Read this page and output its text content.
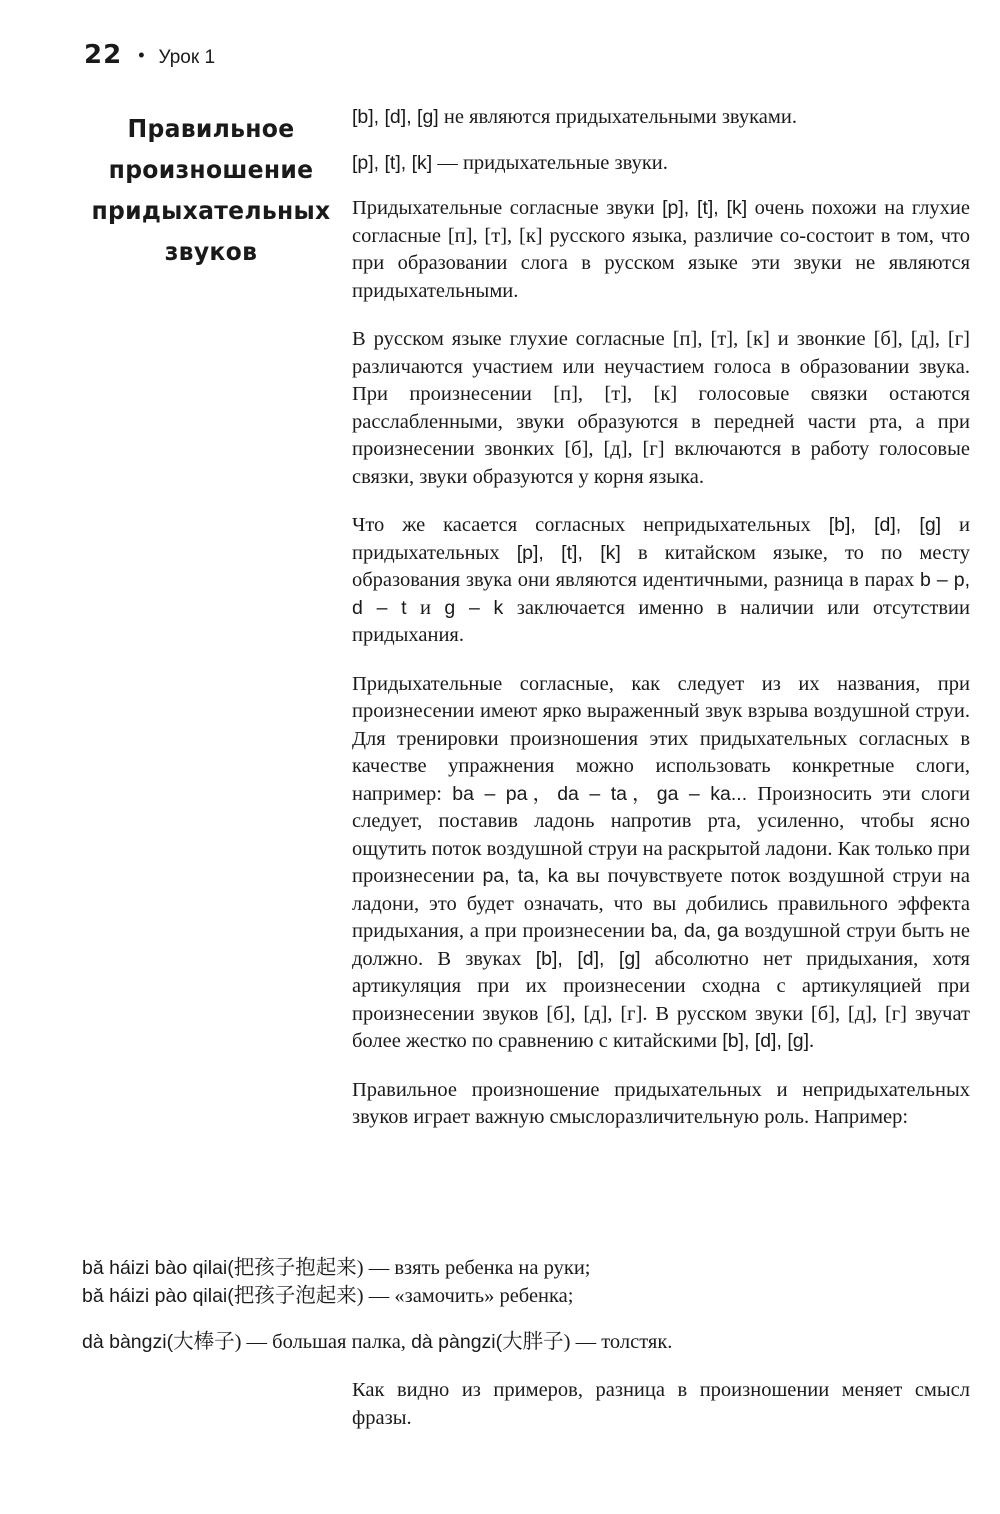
22 • Урок 1
Правильное
произношение
придыхательных
звуков

[b], [d], [g] не являются придыхательными звуками.

[p], [t], [k] — придыхательные звуки.

Придыхательные согласные звуки [p], [t], [k] очень похожи на глухие согласные [п], [т], [к] русского языка, различие со-состоит в том, что при образовании слога в русском языке эти звуки не являются придыхательными.

В русском языке глухие согласные [п], [т], [к] и звонкие [б], [д], [г] различаются участием или неучастием голоса в образовании звука. При произнесении [п], [т], [к] голосовые связки остаются расслабленными, звуки образуются в передней части рта, а при произнесении звонких [б], [д], [г] включаются в работу голосовые связки, звуки образуются у корня языка.

Что же касается согласных непридыхательных [b], [d], [g] и придыхательных [p], [t], [k] в китайском языке, то по месту образования звука они являются идентичными, разница в парах b – p, d – t и g – k заключается именно в наличии или отсутствии придыхания.

Придыхательные согласные, как следует из их названия, при произнесении имеют ярко выраженный звук взрыва воздушной струи. Для тренировки произношения этих придыхательных согласных в качестве упражнения можно использовать конкретные слоги, например: ba – pa，da – ta，ga – ka... Произносить эти слоги следует, поставив ладонь напротив рта, усиленно, чтобы ясно ощутить поток воздушной струи на раскрытой ладони. Как только при произнесении pa, ta, ka вы почувствуете поток воздушной струи на ладони, это будет означать, что вы добились правильного эффекта придыхания, а при произнесении ba, da, ga воздушной струи быть не должно. В звуках [b], [d], [g] абсолютно нет придыхания, хотя артикуляция при их произнесении сходна с артикуляцией при произнесении звуков [б], [д], [г]. В русском звуки [б], [д], [г] звучат более жестко по сравнению с китайскими [b], [d], [g].

Правильное произношение придыхательных и непридыхательных звуков играет важную смыслоразличительную роль. Например:

bǎ háizi bào qilai(把孩子抱起来) — взять ребенка на руки;
bǎ háizi pào qilai(把孩子泡起来) — «замочить» ребенка;
dà bàngzi(大棒子) — большая палка, dà pàngzi(大胖子) — толстяк.

Как видно из примеров, разница в произношении меняет смысл фразы.
